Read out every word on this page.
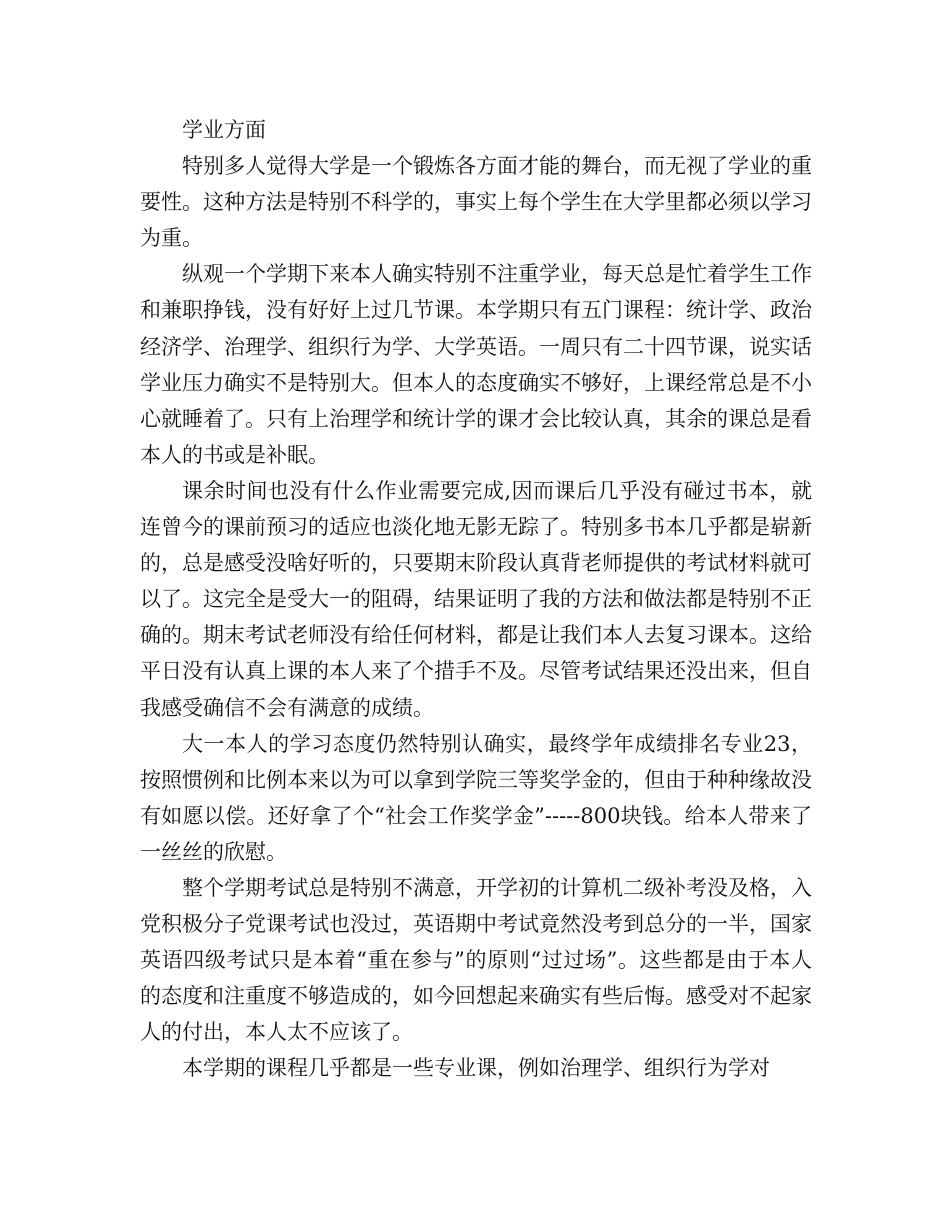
学业方面

特别多人觉得大学是一个锻炼各方面才能的舞台，而无视了学业的重要性。这种方法是特别不科学的，事实上每个学生在大学里都必须以学习为重。

纵观一个学期下来本人确实特别不注重学业，每天总是忙着学生工作和兼职挣钱，没有好好上过几节课。本学期只有五门课程：统计学、政治经济学、治理学、组织行为学、大学英语。一周只有二十四节课，说实话学业压力确实不是特别大。但本人的态度确实不够好，上课经常总是不小心就睡着了。只有上治理学和统计学的课才会比较认真，其余的课总是看本人的书或是补眠。

课余时间也没有什么作业需要完成,因而课后几乎没有碰过书本，就连曾今的课前预习的适应也淡化地无影无踪了。特别多书本几乎都是崭新的，总是感受没啥好听的，只要期末阶段认真背老师提供的考试材料就可以了。这完全是受大一的阻碍，结果证明了我的方法和做法都是特别不正确的。期末考试老师没有给任何材料，都是让我们本人去复习课本。这给平日没有认真上课的本人来了个措手不及。尽管考试结果还没出来，但自我感受确信不会有满意的成绩。

大一本人的学习态度仍然特别认确实，最终学年成绩排名专业23，按照惯例和比例本来以为可以拿到学院三等奖学金的，但由于种种缘故没有如愿以偿。还好拿了个“社会工作奖学金”-----800块钱。给本人带来了一丝丝的欣慰。

整个学期考试总是特别不满意，开学初的计算机二级补考没及格，入党积极分子党课考试也没过，英语期中考试竟然没考到总分的一半，国家英语四级考试只是本着“重在参与”的原则“过过场”。这些都是由于本人的态度和注重度不够造成的，如今回想起来确实有些后悔。感受对不起家人的付出，本人太不应该了。

本学期的课程几乎都是一些专业课，例如治理学、组织行为学对
